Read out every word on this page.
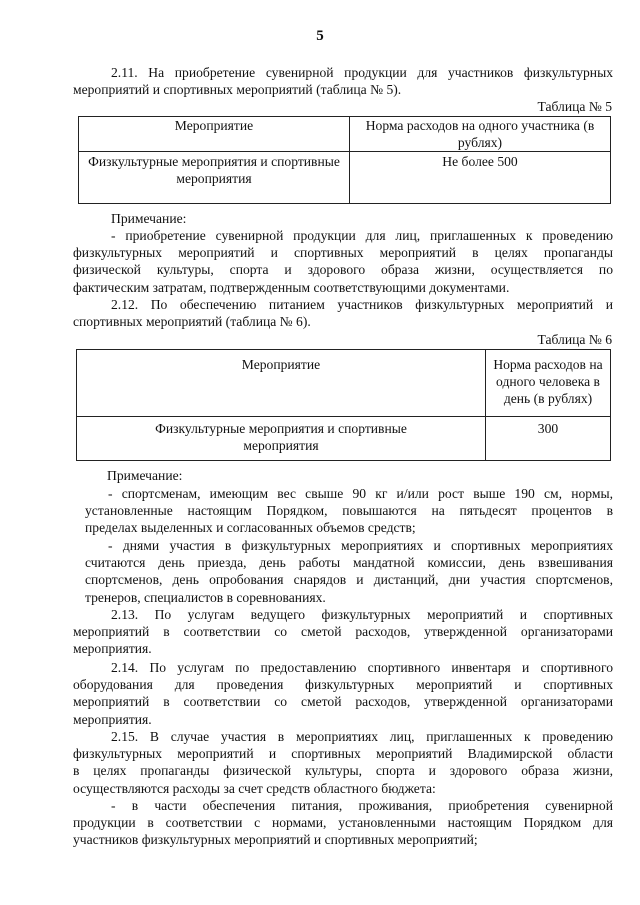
5
2.11. На приобретение сувенирной продукции для участников физкультурных
мероприятий и спортивных мероприятий (таблица № 5).
Таблица № 5
Мероприятие	Норма расходов на одного участника (в рублях)
Физкультурные мероприятия и спортивные мероприятия	Не более 500
Примечание:
- приобретение сувенирной продукции для лиц, приглашенных к проведению
физкультурных мероприятий и спортивных мероприятий в целях пропаганды
физической культуры, спорта и здорового образа жизни, осуществляется по
фактическим затратам, подтвержденным соответствующими документами.
2.12. По обеспечению питанием участников физкультурных мероприятий и
спортивных мероприятий (таблица № 6).
Таблица № 6
Мероприятие	Норма расходов на одного человека в день (в рублях)
Физкультурные мероприятия и спортивные мероприятия	300
Примечание:
- спортсменам, имеющим вес свыше 90 кг и/или рост выше 190 см, нормы,
установленные настоящим Порядком, повышаются на пятьдесят процентов в
пределах выделенных и согласованных объемов средств;
- днями участия в физкультурных мероприятиях и спортивных мероприятиях
считаются день приезда, день работы мандатной комиссии, день взвешивания
спортсменов, день опробования снарядов и дистанций, дни участия спортсменов,
тренеров, специалистов в соревнованиях.
2.13. По услугам ведущего физкультурных мероприятий и спортивных
мероприятий в соответствии со сметой расходов, утвержденной организаторами
мероприятия.
2.14. По услугам по предоставлению спортивного инвентаря и спортивного
оборудования для проведения физкультурных мероприятий и спортивных
мероприятий в соответствии со сметой расходов, утвержденной организаторами
мероприятия.
2.15. В случае участия в мероприятиях лиц, приглашенных к проведению
физкультурных мероприятий и спортивных мероприятий Владимирской области
в целях пропаганды физической культуры, спорта и здорового образа жизни,
осуществляются расходы за счет средств областного бюджета:
- в части обеспечения питания, проживания, приобретения сувенирной
продукции в соответствии с нормами, установленными настоящим Порядком для
участников физкультурных мероприятий и спортивных мероприятий;
